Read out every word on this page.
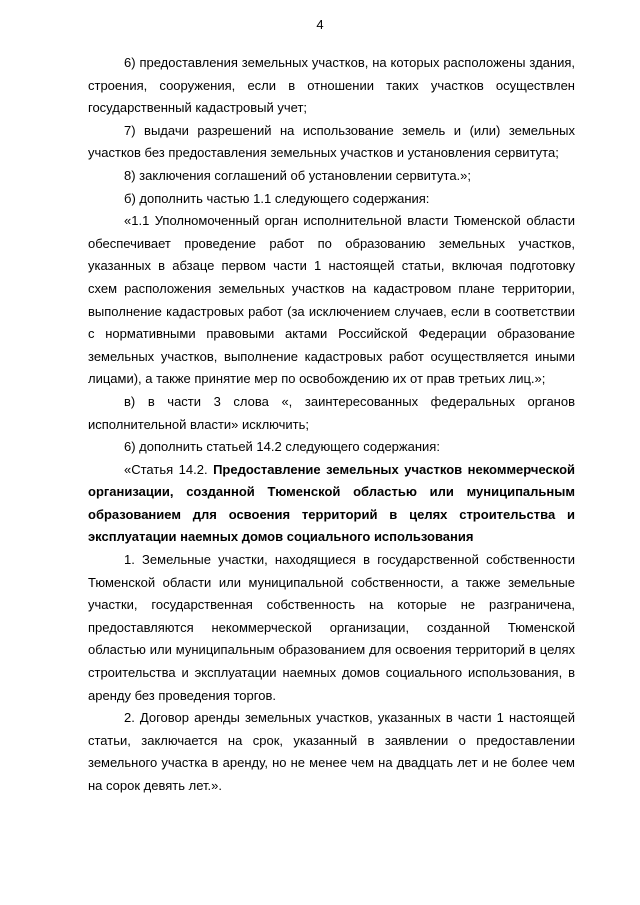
4

6) предоставления земельных участков, на которых расположены здания, строения, сооружения, если в отношении таких участков осуществлен государственный кадастровый учет;

7) выдачи разрешений на использование земель и (или) земельных участков без предоставления земельных участков и установления сервитута;

8) заключения соглашений об установлении сервитута.»;

б) дополнить частью 1.1 следующего содержания:

«1.1 Уполномоченный орган исполнительной власти Тюменской области обеспечивает проведение работ по образованию земельных участков, указанных в абзаце первом части 1 настоящей статьи, включая подготовку схем расположения земельных участков на кадастровом плане территории, выполнение кадастровых работ (за исключением случаев, если в соответствии с нормативными правовыми актами Российской Федерации образование земельных участков, выполнение кадастровых работ осуществляется иными лицами), а также принятие мер по освобождению их от прав третьих лиц.»;

в) в части 3 слова «, заинтересованных федеральных органов исполнительной власти» исключить;

6) дополнить статьей 14.2 следующего содержания:

«Статья 14.2. Предоставление земельных участков некоммерческой организации, созданной Тюменской областью или муниципальным образованием для освоения территорий в целях строительства и эксплуатации наемных домов социального использования

1. Земельные участки, находящиеся в государственной собственности Тюменской области или муниципальной собственности, а также земельные участки, государственная собственность на которые не разграничена, предоставляются некоммерческой организации, созданной Тюменской областью или муниципальным образованием для освоения территорий в целях строительства и эксплуатации наемных домов социального использования, в аренду без проведения торгов.

2. Договор аренды земельных участков, указанных в части 1 настоящей статьи, заключается на срок, указанный в заявлении о предоставлении земельного участка в аренду, но не менее чем на двадцать лет и не более чем на сорок девять лет.».
